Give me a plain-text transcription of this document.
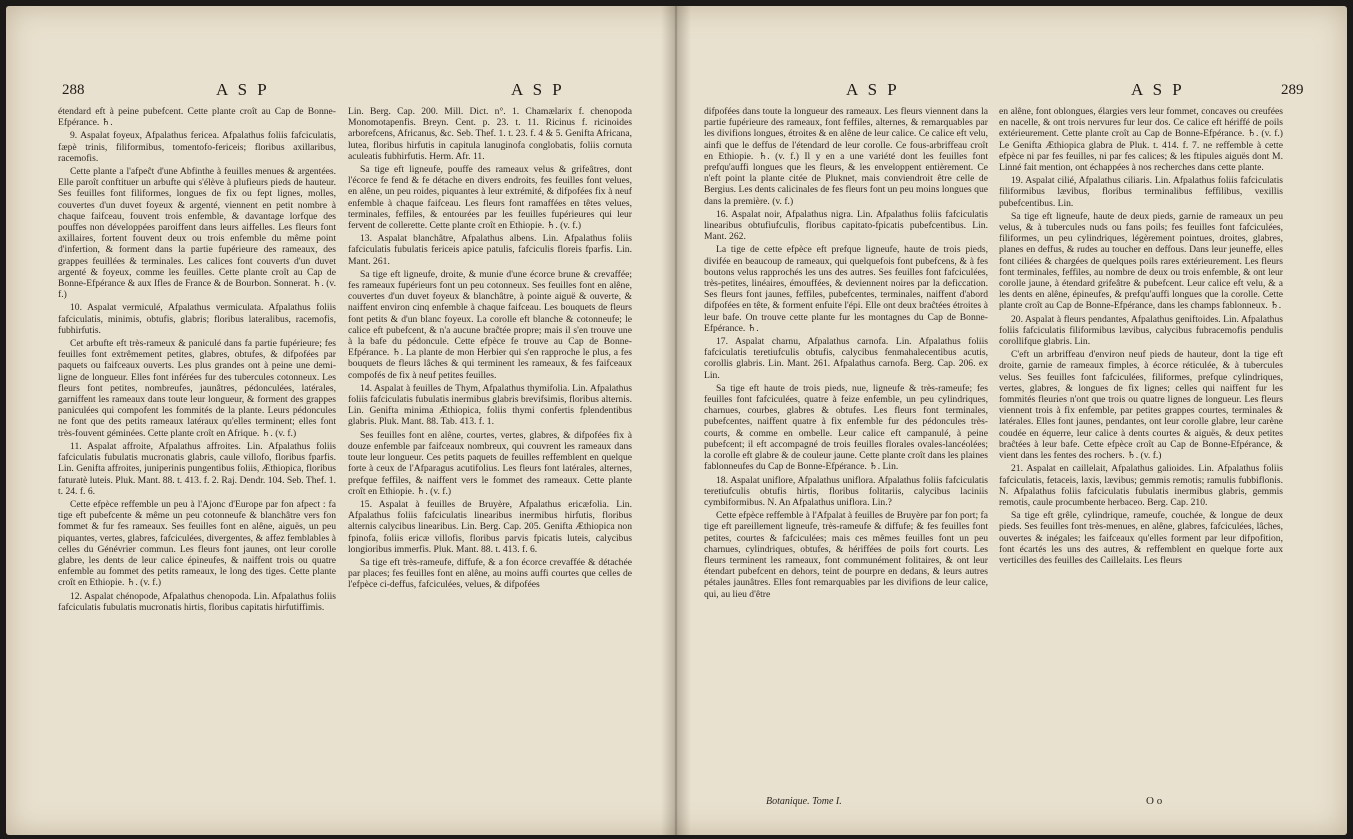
288	A S P	A S P

étendard eft à peine pubefcent. Cette plante croît au Cap de Bonne-Efpérance. ♄.

9. Aspalat foyeux, Afpalathus fericea. Afpalathus foliis fafciculatis, fæpè trinis, filiformibus, tomentofo-fericeis; floribus axillaribus, racemofis.

Cette plante a l'afpeĉt d'une Abfinthe à feuilles menues & argentées. Elle paroît conftituer un arbufte qui s'élève à plufieurs pieds de hauteur. Ses feuilles font filiformes, longues de fix ou fept lignes, molles, couvertes d'un duvet foyeux & argenté, viennent en petit nombre à chaque faifceau, fouvent trois enfemble, & davantage lorfque des pouffes non développées paroiffent dans leurs aiffelles. Les fleurs font axillaires, fortent fouvent deux ou trois enfemble du même point d'infertion, & forment dans la partie fupérieure des rameaux, des grappes feuillées & terminales. Les calices font couverts d'un duvet argenté & foyeux, comme les feuilles. Cette plante croît au Cap de Bonne-Efpérance & aux Ifles de France & de Bourbon. Sonnerat. ♄. (v. f.)

10. Aspalat vermiculé, Afpalathus vermiculata. Afpalathus foliis fafciculatis, minimis, obtufis, glabris; floribus lateralibus, racemofis, fubhirfutis.

Cet arbufte eft très-rameux & paniculé dans fa partie fupérieure; fes feuilles font extrêmement petites, glabres, obtufes, & difpofées par paquets ou faifceaux ouverts. Les plus grandes ont à peine une demi-ligne de longueur. Elles font inférées fur des tubercules cotonneux. Les fleurs font petites, nombreufes, jaunâtres, pédonculées, latérales, garniffent les rameaux dans toute leur longueur, & forment des grappes paniculées qui compofent les fommités de la plante. Leurs pédoncules ne font que des petits rameaux latéraux qu'elles terminent; elles font très-fouvent géminées. Cette plante croît en Afrique. ♄. (v. f.)

11. Aspalat affroite, Afpalathus affroites. Lin. Afpalathus foliis fafciculatis fubulatis mucronatis glabris, caule villofo, floribus fparfis. Lin. Genifta affroites, juniperinis pungentibus foliis, Æthiopica, floribus faturatè luteis. Pluk. Mant. 88. t. 413. f. 2. Raj. Dendr. 104. Seb. Thef. 1. t. 24. f. 6.

Cette efpèce reffemble un peu à l'Ajonc d'Europe par fon afpect : fa tige eft pubefcente & même un peu cotonneufe & blanchâtre vers fon fommet & fur fes rameaux. Ses feuilles font en alêne, aiguës, un peu piquantes, vertes, glabres, fafciculées, divergentes, & affez femblables à celles du Génévrier commun. Les fleurs font jaunes, ont leur corolle glabre, les dents de leur calice épineufes, & naiffent trois ou quatre enfemble au fommet des petits rameaux, le long des tiges. Cette plante croît en Ethiopie. ♄. (v. f.)

12. Aspalat chénopode, Afpalathus chenopoda. Lin. Afpalathus foliis fafciculatis fubulatis mucronatis hirtis, floribus capitatis hirfutiffimis.

Lin. Berg. Cap. 200. Mill. Dict. n°. 1. Chamælarix f. chenopoda Monomotapenfis. Breyn. Cent. p. 23. t. 11. Ricinus f. ricinoides arborefcens, Africanus, &c. Seb. Thef. 1. t. 23. f. 4 & 5. Genifta Africana, lutea, floribus hirfutis in capitula lanuginofa conglobatis, foliis cornuta aculeatis fubhirfutis. Herm. Afr. 11.

Sa tige eft ligneufe, pouffe des rameaux velus & grifeâtres, dont l'écorce fe fend & fe détache en divers endroits, fes feuilles font velues, en alêne, un peu roides, piquantes à leur extrémité, & difpofées fix à neuf enfemble à chaque faifceau. Les fleurs font ramaffées en têtes velues, terminales, feffiles, & entourées par les feuilles fupérieures qui leur fervent de collerette. Cette plante croît en Ethiopie. ♄. (v. f.)

13. Aspalat blanchâtre, Afpalathus albens. Lin. Afpalathus foliis fafciculatis fubulatis fericeis apice patulis, fafciculis floreis fparfis. Lin. Mant. 261.

Sa tige eft ligneufe, droite, & munie d'une écorce brune & crevaffée; fes rameaux fupérieurs font un peu cotonneux. Ses feuilles font en alêne, couvertes d'un duvet foyeux & blanchâtre, à pointe aiguë & ouverte, & naiffent environ cinq enfemble à chaque faifceau. Les bouquets de fleurs font petits & d'un blanc foyeux. La corolle eft blanche & cotonneufe; le calice eft pubefcent, & n'a aucune braĉtée propre; mais il s'en trouve une à la bafe du pédoncule. Cette efpèce fe trouve au Cap de Bonne-Efpérance. ♄. La plante de mon Herbier qui s'en rapproche le plus, a fes bouquets de fleurs lâches & qui terminent les rameaux, & fes faifceaux compofés de fix à neuf petites feuilles.

14. Aspalat à feuilles de Thym, Afpalathus thymifolia. Lin. Afpalathus foliis fafciculatis fubulatis inermibus glabris brevifsimis, floribus alternis. Lin. Genifta minima Æthiopica, foliis thymi confertis fplendentibus glabris. Pluk. Mant. 88. Tab. 413. f. 1.

Ses feuilles font en alêne, courtes, vertes, glabres, & difpofées fix à douze enfemble par faifceaux nombreux, qui couvrent les rameaux dans toute leur longueur. Ces petits paquets de feuilles reffemblent en quelque forte à ceux de l'Afparagus acutifolius. Les fleurs font latérales, alternes, prefque feffiles, & naiffent vers le fommet des rameaux. Cette plante croît en Ethiopie. ♄. (v. f.)

15. Aspalat à feuilles de Bruyère, Afpalathus ericæfolia. Lin. Afpalathus foliis fafciculatis linearibus inermibus hirfutis, floribus alternis calycibus linearibus. Lin. Berg. Cap. 205. Genifta Æthiopica non fpinofa, foliis ericæ villofis, floribus parvis fpicatis luteis, calycibus longioribus immerfis. Pluk. Mant. 88. t. 413. f. 6.

Sa tige eft très-rameufe, diffufe, & a fon écorce crevaffée & détachée par places; fes feuilles font en alêne, au moins auffi courtes que celles de l'efpèce ci-deffus, fafciculées, velues, & difpofées

A S P	A S P	289

difpofées dans toute la longueur des rameaux. Les fleurs viennent dans la partie fupérieure des rameaux, font feffiles, alternes, & remarquables par les divifions longues, étroites & en alêne de leur calice. Ce calice eft velu, ainfi que le deffus de l'étendard de leur corolle. Ce fous-arbriffeau croît en Ethiopie. ♄. (v. f.) Il y en a une variété dont les feuilles font prefqu'auffi longues que les fleurs, & les enveloppent entièrement. Ce n'eft point la plante citée de Pluknet, mais conviendroit être celle de Bergius. Les dents calicinales de fes fleurs font un peu moins longues que dans la première. (v. f.)

16. Aspalat noir, Afpalathus nigra. Lin. Afpalathus foliis fafciculatis linearibus obtufiufculis, floribus capitato-fpicatis pubefcentibus. Lin. Mant. 262.

La tige de cette efpèce eft prefque ligneufe, haute de trois pieds, divifée en beaucoup de rameaux, qui quelquefois font pubefcens, & à fes boutons velus rapprochés les uns des autres. Ses feuilles font fafciculées, très-petites, linéaires, émouffées, & deviennent noires par la deficcation. Ses fleurs font jaunes, feffiles, pubefcentes, terminales, naiffent d'abord difpofées en tête, & forment enfuite l'épi. Elle ont deux braĉtées étroites à leur bafe. On trouve cette plante fur les montagnes du Cap de Bonne-Efpérance. ♄.

17. Aspalat charnu, Afpalathus carnofa. Lin. Afpalathus foliis fafciculatis teretiufculis obtufis, calycibus fenmahalecentibus acutis, corollis glabris. Lin. Mant. 261. Afpalathus carnofa. Berg. Cap. 206. ex Lin.

Sa tige eft haute de trois pieds, nue, ligneufe & très-rameufe; fes feuilles font fafciculées, quatre à feize enfemble, un peu cylindriques, charnues, courbes, glabres & obtufes. Les fleurs font terminales, pubefcentes, naiffent quatre à fix enfemble fur des pédoncules très-courts, & comme en ombelle. Leur calice eft campanulé, à peine pubefcent; il eft accompagné de trois feuilles florales ovales-lancéolées; la corolle eft glabre & de couleur jaune. Cette plante croît dans les plaines fablonneufes du Cap de Bonne-Efpérance. ♄. Lin.

18. Aspalat uniflore, Afpalathus uniflora. Afpalathus foliis fafciculatis teretiufculis obtufis hirtis, floribus folitariis, calycibus laciniis cymbiformibus. N. An Afpalathus uniflora. Lin.?

Cette efpèce reffemble à l'Afpalat à feuilles de Bruyère par fon port; fa tige eft pareillement ligneufe, très-rameufe & diffufe; & fes feuilles font petites, courtes & fafciculées; mais ces mêmes feuilles font un peu charnues, cylindriques, obtufes, & hériffées de poils fort courts. Les fleurs terminent les rameaux, font communément folitaires, & ont leur étendart pubefcent en dehors, teint de pourpre en dedans, & leurs autres pétales jaunâtres. Elles font remarquables par les divifions de leur calice, qui, au lieu d'être

en alêne, font oblongues, élargies vers leur fommet, concaves ou creufées en nacelle, & ont trois nervures fur leur dos. Ce calice eft hériffé de poils extérieurement. Cette plante croît au Cap de Bonne-Efpérance. ♄. (v. f.) Le Genifta Æthiopica glabra de Pluk. t. 414. f. 7. ne reffemble à cette efpèce ni par fes feuilles, ni par fes calices; & les ftipules aiguës dont M. Linné fait mention, ont échappées à nos recherches dans cette plante.

19. Aspalat cilié, Afpalathus ciliaris. Lin. Afpalathus foliis fafciculatis filiformibus lævibus, floribus terminalibus feffilibus, vexillis pubefcentibus. Lin.

Sa tige eft ligneufe, haute de deux pieds, garnie de rameaux un peu velus, & à tubercules nuds ou fans poils; fes feuilles font fafciculées, filiformes, un peu cylindriques, légèrement pointues, droites, glabres, planes en deffus, & rudes au toucher en deffous. Dans leur jeuneffe, elles font ciliées & chargées de quelques poils rares extérieurement. Les fleurs font terminales, feffiles, au nombre de deux ou trois enfemble, & ont leur corolle jaune, à étendard grifeâtre & pubefcent. Leur calice eft velu, & a les dents en alêne, épineufes, & prefqu'auffi longues que la corolle. Cette plante croît au Cap de Bonne-Efpérance, dans les champs fablonneux. ♄.

20. Aspalat à fleurs pendantes, Afpalathus geniftoides. Lin. Afpalathus foliis fafciculatis filiformibus lævibus, calycibus fubracemofis pendulis corollifque glabris. Lin.

C'eft un arbriffeau d'environ neuf pieds de hauteur, dont la tige eft droite, garnie de rameaux fimples, à écorce réticulée, & à tubercules velus. Ses feuilles font fafciculées, filiformes, prefque cylindriques, vertes, glabres, & longues de fix lignes; celles qui naiffent fur les fommités fleuries n'ont que trois ou quatre lignes de longueur. Les fleurs viennent trois à fix enfemble, par petites grappes courtes, terminales & latérales. Elles font jaunes, pendantes, ont leur corolle glabre, leur carène coudée en équerre, leur calice à dents courtes & aiguës, & deux petites braĉtées à leur bafe. Cette efpèce croît au Cap de Bonne-Efpérance, & vient dans les fentes des rochers. ♄. (v. f.)

21. Aspalat en caillelait, Afpalathus galioides. Lin. Afpalathus foliis fafciculatis, fetaceis, laxis, lævibus; gemmis remotis; ramulis fubbiflonis. N. Afpalathus foliis fafciculatis fubulatis inermibus glabris, gemmis remotis, caule procumbente herbaceo. Berg. Cap. 210.

Sa tige eft grêle, cylindrique, rameufe, couchée, & longue de deux pieds. Ses feuilles font très-menues, en alêne, glabres, fafciculées, lâches, ouvertes & inégales; les faifceaux qu'elles forment par leur difpofition, font écartés les uns des autres, & reffemblent en quelque forte aux verticilles des feuilles des Caillelaits. Les fleurs

Botanique. Tome I.	O o
